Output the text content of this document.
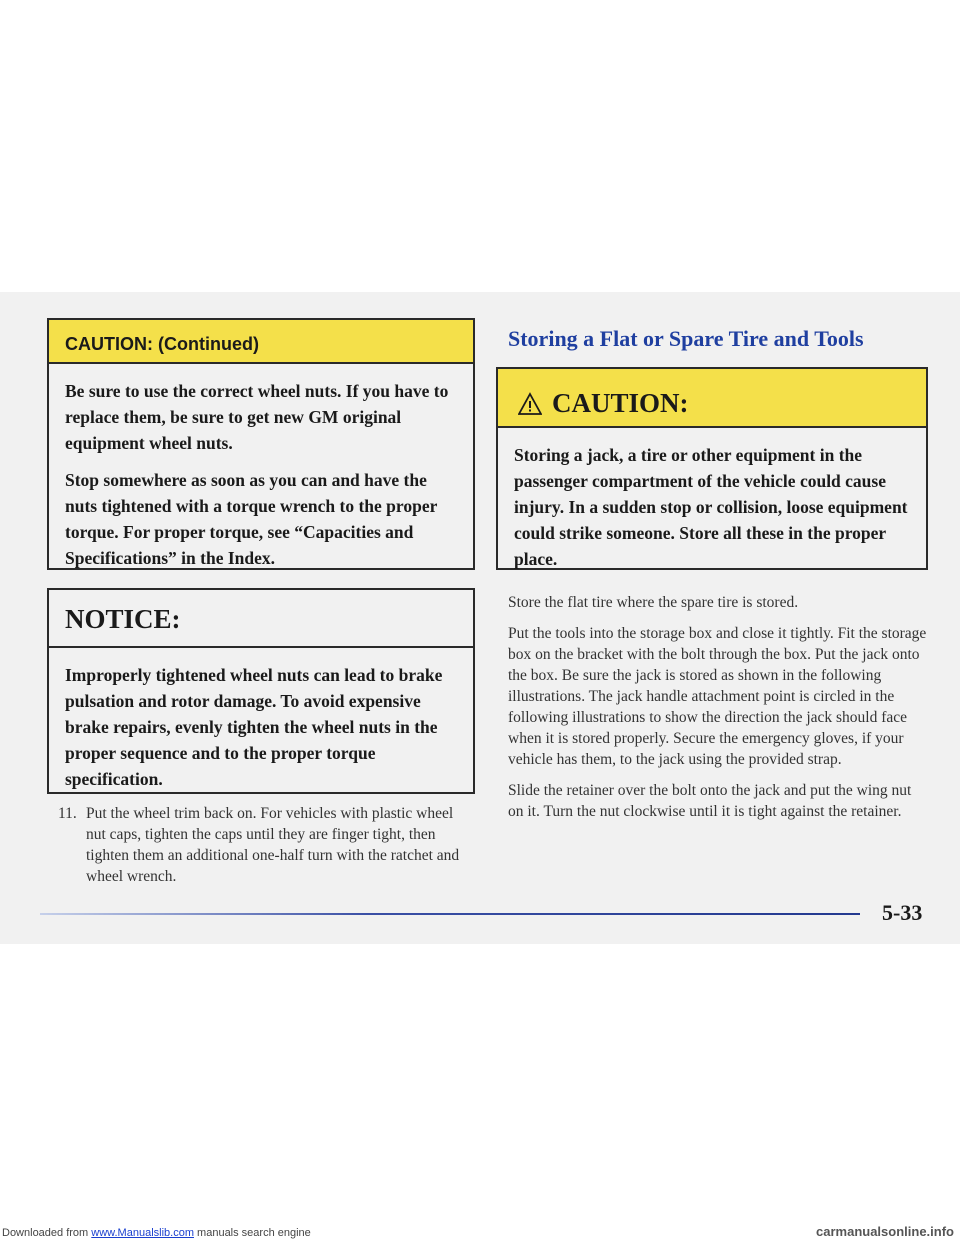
CAUTION: (Continued)

Be sure to use the correct wheel nuts. If you have to replace them, be sure to get new GM original equipment wheel nuts.

Stop somewhere as soon as you can and have the nuts tightened with a torque wrench to the proper torque. For proper torque, see “Capacities and Specifications” in the Index.

NOTICE:

Improperly tightened wheel nuts can lead to brake pulsation and rotor damage. To avoid expensive brake repairs, evenly tighten the wheel nuts in the proper sequence and to the proper torque specification.

11. Put the wheel trim back on. For vehicles with plastic wheel nut caps, tighten the caps until they are finger tight, then tighten them an additional one-half turn with the ratchet and wheel wrench.
Storing a Flat or Spare Tire and Tools
CAUTION:

Storing a jack, a tire or other equipment in the passenger compartment of the vehicle could cause injury. In a sudden stop or collision, loose equipment could strike someone. Store all these in the proper place.

Store the flat tire where the spare tire is stored.

Put the tools into the storage box and close it tightly. Fit the storage box on the bracket with the bolt through the box. Put the jack onto the box. Be sure the jack is stored as shown in the following illustrations. The jack handle attachment point is circled in the following illustrations to show the direction the jack should face when it is stored properly. Secure the emergency gloves, if your vehicle has them, to the jack using the provided strap.

Slide the retainer over the bolt onto the jack and put the wing nut on it. Turn the nut clockwise until it is tight against the retainer.

5-33
Downloaded from www.Manualslib.com manuals search engine	carmanualsonline.info
